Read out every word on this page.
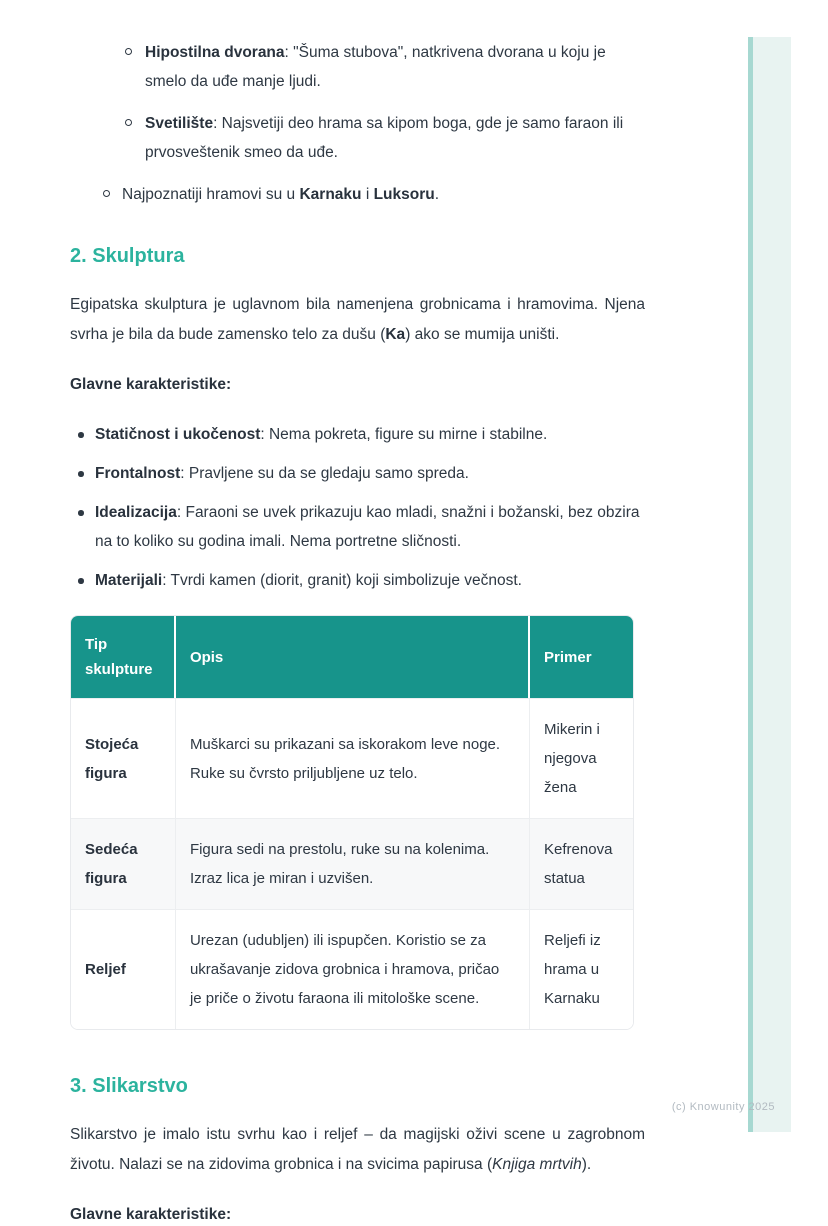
Hipostilna dvorana: "Šuma stubova", natkrivena dvorana u koju je smelo da uđe manje ljudi.
Svetilište: Najsvetiji deo hrama sa kipom boga, gde je samo faraon ili prvosveštenik smeo da uđe.
Najpoznatiji hramovi su u Karnaku i Luksoru.
2. Skulptura

Egipatska skulptura je uglavnom bila namenjena grobnicama i hramovima. Njena svrha je bila da bude zamensko telo za dušu (Ka) ako se mumija uništi.

Glavne karakteristike:

Statičnost i ukočenost: Nema pokreta, figure su mirne i stabilne.
Frontalnost: Pravljene su da se gledaju samo spreda.
Idealizacija: Faraoni se uvek prikazuju kao mladi, snažni i božanski, bez obzira na to koliko su godina imali. Nema portretne sličnosti.
Materijali: Tvrdi kamen (diorit, granit) koji simbolizuje večnost.
Tip skulpture	Opis	Primer
Stojeća figura	Muškarci su prikazani sa iskorakom leve noge. Ruke su čvrsto priljubljene uz telo.	Mikerin i njegova žena
Sedeća figura	Figura sedi na prestolu, ruke su na kolenima. Izraz lica je miran i uzvišen.	Kefrenova statua
Reljef	Urezan (udubljen) ili ispupčen. Koristio se za ukrašavanje zidova grobnica i hramova, pričao je priče o životu faraona ili mitološke scene.	Reljefi iz hrama u Karnaku
3. Slikarstvo

Slikarstvo je imalo istu svrhu kao i reljef – da magijski oživi scene u zagrobnom životu. Nalazi se na zidovima grobnica i na svicima papirusa (Knjiga mrtvih).

Glavne karakteristike:

(c) Knowunity 2025
